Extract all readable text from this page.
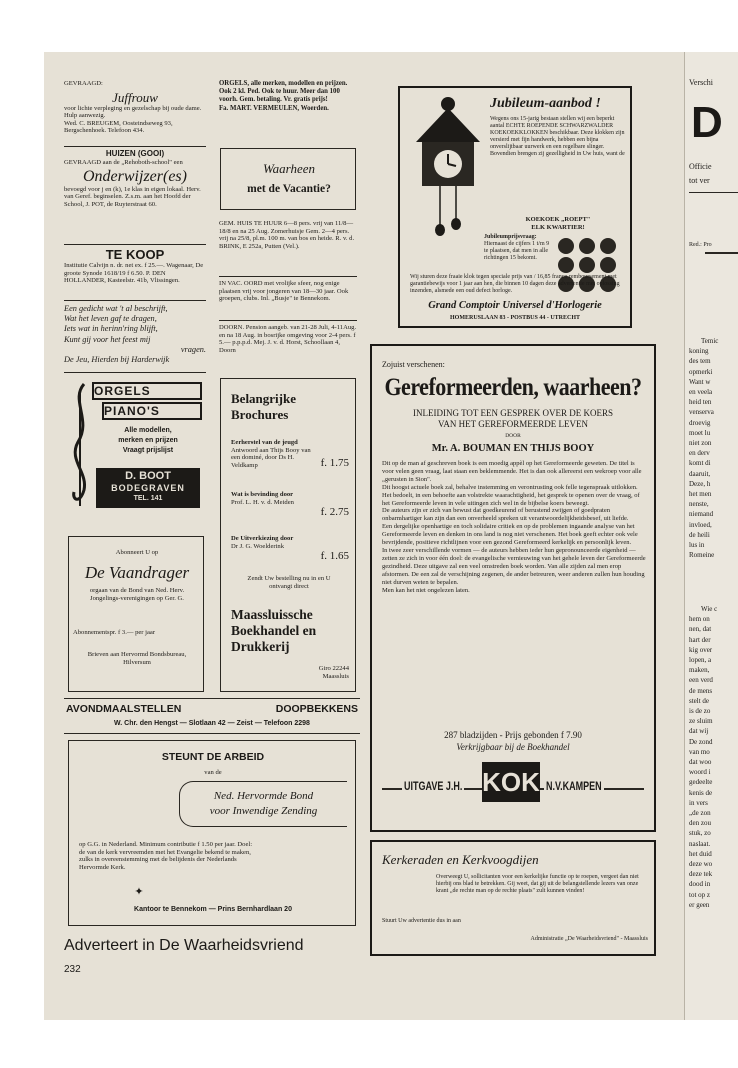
GEVRAAGD:
Juffrouw
voor lichte verpleging en gezelschap bij oude dame. Hulp aanwezig.
Wed. C. BREUGEM, Oosteindseweg 93, Bergschenhoek. Telefoon 434.
HUIZEN (GOOI)
GEVRAAGD aan de „Rehoboth-school" een
Onderwijzer(es)
bevoegd voor j en (k), 1e klas in eigen lokaal. Herv. van Geref. beginselen. Z.s.m. aan het Hoofd der School, J. POT, de Ruyterstraat 60.
TE KOOP
Institutie Calvijn n. dr. net ex. f 25.—. Wagenaar, De groote Synode 1618/19 f 6.50. P. DEN HOLLANDER, Kasteelstr. 41b, Vlissingen.
Een gedicht wat 't al beschrijft,
Wat het leven gaf te dragen,
Iets wat in herinn'ring blijft,
Kunt gij voor het feest mij
vragen.
De Jeu, Hierden bij Harderwijk
ORGELS
PIANO'S
Alle modellen,
merken en prijzen
Vraagt prijslijst
D. BOOT
BODEGRAVEN
TEL. 141
Abonneert U op
De Vaandrager
orgaan van de Bond van Ned. Herv. Jongelings-verenigingen op Ger. G.
Abonnementspr. f 3.— per jaar
Brieven aan Hervormd Bondsbureau, Hilversum
ORGELS, alle merken, modellen en prijzen. Ook 2 kl. Ped. Ook te huur. Meer dan 100 voorh. Gem. betaling. Vr. gratis prijs!
Fa. MART. VERMEULEN, Woerden.
Waarheen
met de Vacantie?
GEM. HUIS TE HUUR 6—8 pers. vrij van 11/8—18/8 en na 25 Aug. Zomerhuisje Gem. 2—4 pers. vrij na 25/8, pl.m. 100 m. van bos en heide. R. v. d. BRINK, E 252a, Putten (Vel.).
IN VAC. OORD met vrolijke sfeer, nog enige plaatsen vrij voor jongeren van 18—30 jaar. Ook groepen, clubs. Inl. „Busje" te Bennekom.
DOORN. Pension aangeb. van 21-28 Juli, 4-11Aug. en na 18 Aug. in bosrijke omgeving voor 2-4 pers. f 5.— p.p.p.d. Mej. J. v. d. Horst, Schoollaan 4, Doorn
Belangrijke
Brochures
Eerherstel van de jeugd
Antwoord aan Thijs Booy van een dominé, door Ds H. Veldkamp	f. 1.75
Wat is bevinding door
Prof. L. H. v. d. Meiden
f. 2.75
De Uitverkiezing door
Dr J. G. Woelderink
f. 1.65
Zendt Uw bestelling nu in en U ontvangt direct
Maassluissche
Boekhandel en
Drukkerij
Giro 22244
Maassluis
AVONDMAALSTELLEN	DOOPBEKKENS
W. Chr. den Hengst — Slotlaan 42 — Zeist — Telefoon 2298
STEUNT DE ARBEID
van de
Ned. Hervormde Bond
voor Inwendige Zending
op G.G. in Nederland. Minimum contributie f 1.50 per jaar. Doel: de van de kerk vervreemden met het Evangelie bekend te maken, zulks in overeenstemming met de belijdenis der Nederlands Hervormde Kerk.
✦
Kantoor te Bennekom — Prins Bernhardlaan 20
Adverteert in De Waarheidsvriend
232
Jubileum-aanbod !
Wegens ons 15-jarig bestaan stellen wij een beperkt aantal ECHTE ROEPENDE SCHWARZWALDER KOEKOEKKLOKKEN beschikbaar. Deze klokken zijn versierd met fijn handwerk, hebben een bijna onverslijtbaar uurwerk en een regelbare slinger. Bovendien brengen zij gezelligheid in Uw huis, want de
KOEKOEK „ROEPT"
ELK KWARTIER!
Jubileumprijsvraag:
Hiernaast de cijfers 1 t/m 9 te plaatsen, dat men in alle richtingen 15 bekomt.
Wij sturen deze fraaie klok tegen speciale prijs van / 16,85 franco remboursement met garantiebewijs voor 1 jaar aan hen, die binnen 10 dagen deze advertentie met oplossing inzenden, alsmede een oud defect horloge.
Grand Comptoir Universel d'Horlogerie
HOMERUSLAAN 83 - POSTBUS 44 - UTRECHT
Zojuist verschenen:
Gereformeerden, waarheen?
INLEIDING TOT EEN GESPREK OVER DE KOERS
VAN HET GEREFORMEERDE LEVEN
DOOR
Mr. A. BOUMAN EN THIJS BOOY

Dit op de man af geschreven boek is een moedig appèl op het Gereformeerde geweten. De titel is voor velen geen vraag, laat staan een beklemmende. Het is dan ook allereerst een wekroep voor alle „gerusten in Sion".

Dit hoogst actuele boek zal, behalve instemming en verontrusting ook felle tegenspraak uitlokken. Het bedoelt, in een behoefte aan volstrekte waarachtigheid, het gesprek te openen over de vraag, of het Gereformeerde leven in vele uitingen zich wel in de bijbelse koers beweegt.

De auteurs zijn er zich van bewust dat goedkeurend of berustend zwijgen of goedpraten onbarmhartiger kan zijn dan een onverheeld spreken uit verantwoordelijkheidsbesef, uit liefde.

Een dergelijke openhartige en toch solidaire critiek en op de problemen ingaande analyse van het Gereformeerde leven en denken in ons land is nog niet verschenen. Het boek geeft echter ook vele bevrijdende, positieve richtlijnen voor een gezond Gereformeerd kerkelijk en persoonlijk leven.

In twee zeer verschillende vormen — de auteurs hebben ieder hun gepronounceerde eigenheid — zetten ze zich in voor één doel: de evangelische vernieuwing van het gehele leven der Gereformeerde gezindheid. Deze uitgave zal een veel omstreden boek worden. Van alle zijden zal men erop afstormen. De een zal de verschijning zegenen, de ander betreuren, weer anderen zullen hun houding niet durven weten te bepalen.

Men kan het niet ongelezen laten.

287 bladzijden - Prijs gebonden f 7.90
Verkrijgbaar bij de Boekhandel
UITGAVE J.H. KOK N.V.KAMPEN
Kerkeraden en Kerkvoogdijen
Overweegt U, sollicitanten voor een kerkelijke functie op te roepen, vergeet dan niet hierbij ons blad te betrekken. Gij weet, dat gij uit de belangstellende lezers van onze krant „de rechte man op de rechte plaats" zult kunnen vinden!
Stuurt Uw advertentie dus in aan
Administratie „De Waarheidsvriend" - Maassluis
Verschi
D
Officie
tot ver
Red.: Pro
Temic
koning
des tem
opmerki
Want w
en veela
heid ten
venserva
droevig
moet lu
niet zon
en derv
komt di
daaruit,
Deze, h
het men
nenste,
niemand
invloed,
de heili
lus in
Romeine
Wie c
hem on
nen, dat
hart der
kig over
lopen, a
maken,
een verd
de mens
stelt de
is de zo
ze sluim
dat wij
De zond
van mo
dat woo
woord i
gedeelte
kenis de
in vers
„de zon
den zou
stuk, zo
naslaat.
het duid
deze wo
deze tek
dood in
tot op z
er geen
